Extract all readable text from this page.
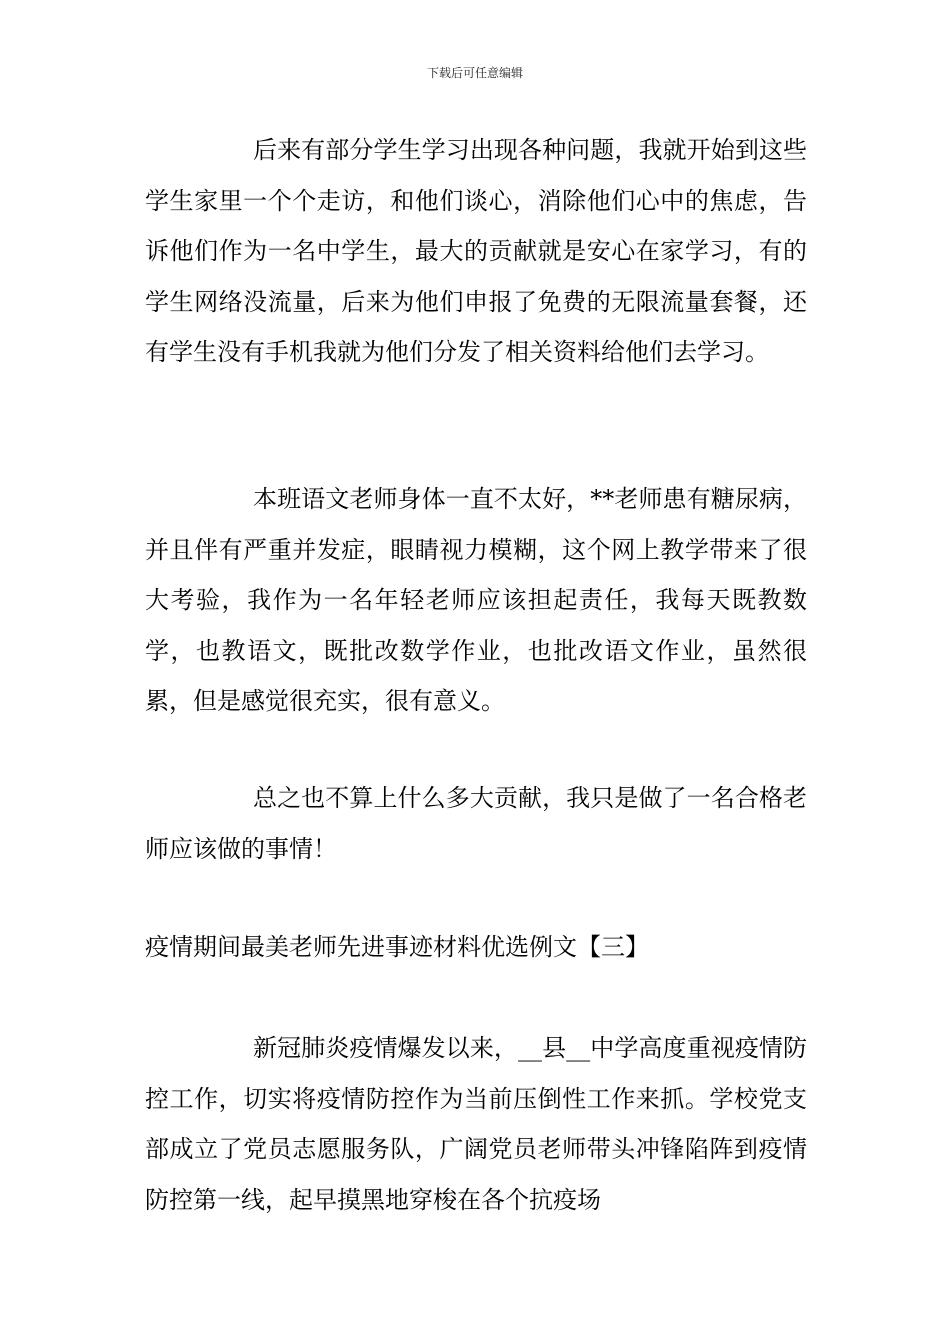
下载后可任意编辑

后来有部分学生学习出现各种问题，我就开始到这些学生家里一个个走访，和他们谈心，消除他们心中的焦虑，告诉他们作为一名中学生，最大的贡献就是安心在家学习，有的学生网络没流量，后来为他们申报了免费的无限流量套餐，还有学生没有手机我就为他们分发了相关资料给他们去学习。

本班语文老师身体一直不太好，**老师患有糖尿病，并且伴有严重并发症，眼睛视力模糊，这个网上教学带来了很大考验，我作为一名年轻老师应该担起责任，我每天既教数学，也教语文，既批改数学作业，也批改语文作业，虽然很累，但是感觉很充实，很有意义。

总之也不算上什么多大贡献，我只是做了一名合格老师应该做的事情！

疫情期间最美老师先进事迹材料优选例文【三】

新冠肺炎疫情爆发以来，__县__中学高度重视疫情防控工作，切实将疫情防控作为当前压倒性工作来抓。学校党支部成立了党员志愿服务队，广阔党员老师带头冲锋陷阵到疫情防控第一线，起早摸黑地穿梭在各个抗疫场
